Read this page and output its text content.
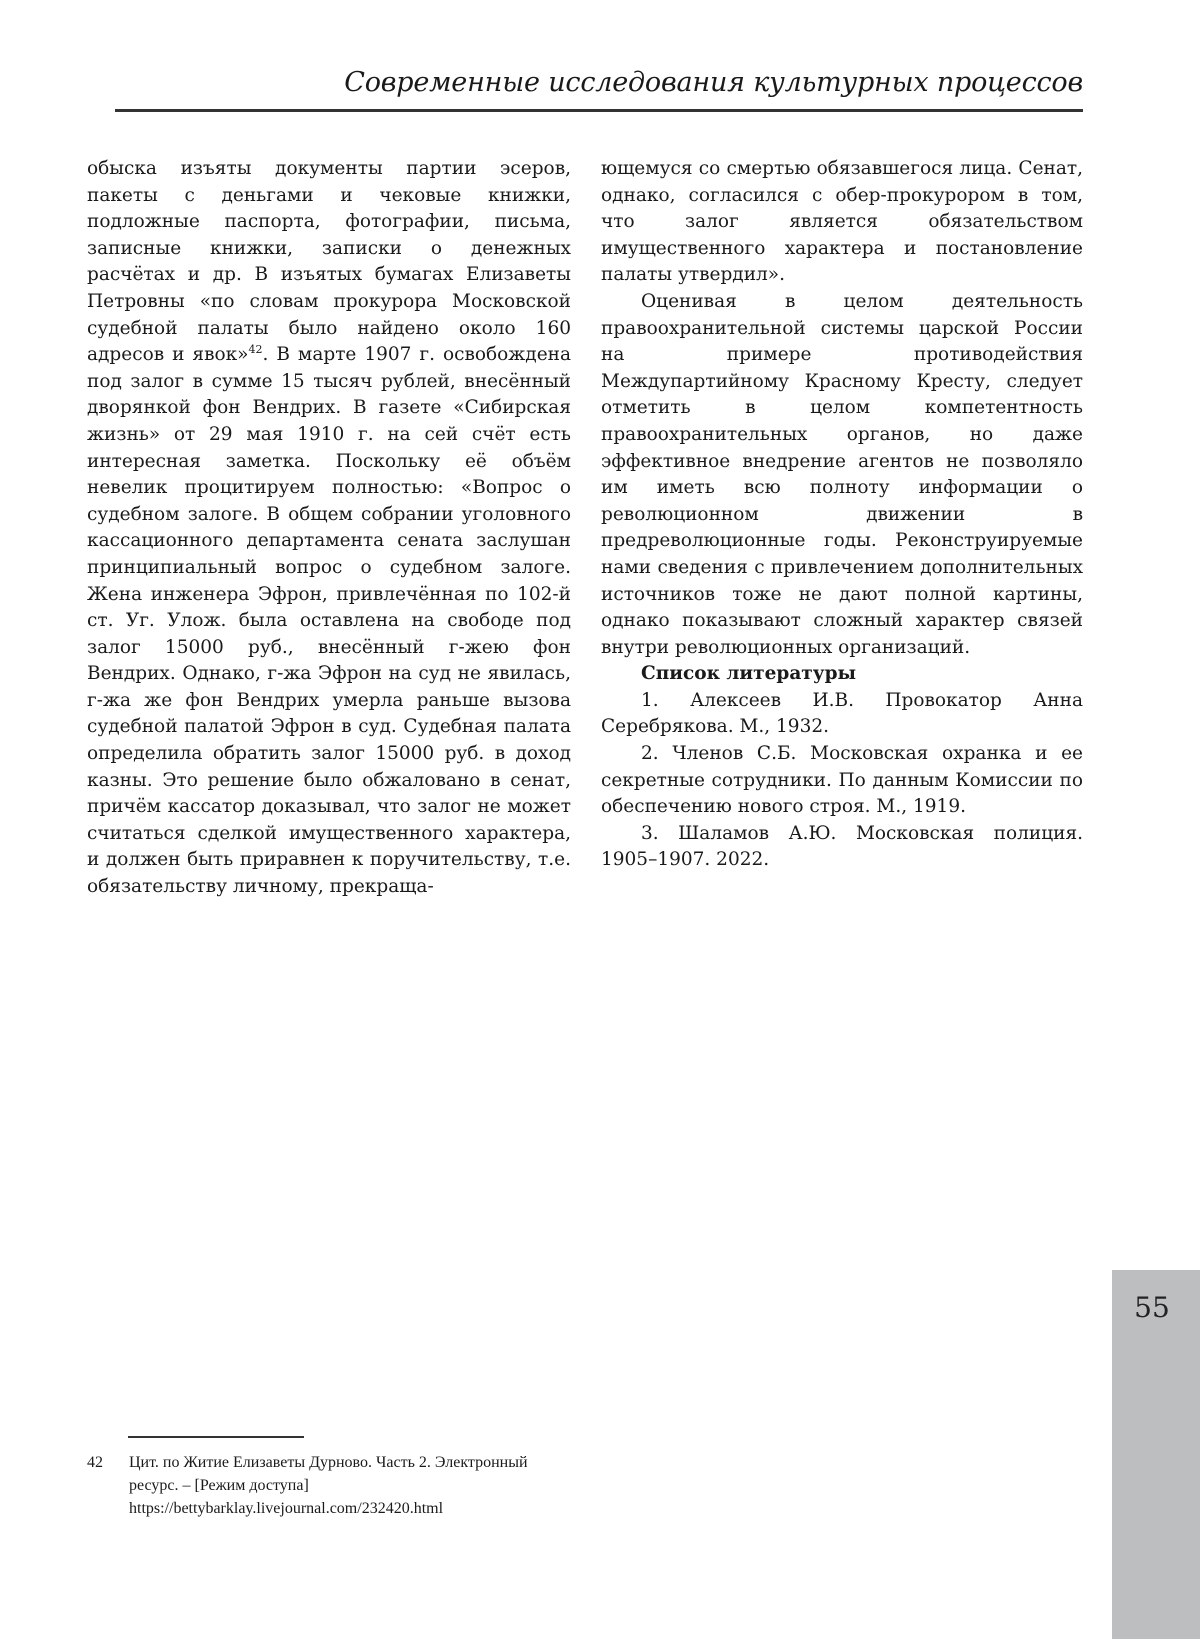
Современные исследования культурных процессов

обыска изъяты документы партии эсеров, пакеты с деньгами и чековые книжки, подложные паспорта, фотографии, письма, записные книжки, записки о денежных расчётах и др. В изъятых бумагах Елизаветы Петровны «по словам прокурора Московской судебной палаты было найдено около 160 адресов и явок»$^{42}$. В марте 1907 г. освобождена под залог в сумме 15 тысяч рублей, внесённый дворянкой фон Вендрих. В газете «Сибирская жизнь» от 29 мая 1910 г. на сей счёт есть интересная заметка. Поскольку её объём невелик процитируем полностью: «Вопрос о судебном залоге. В общем собрании уголовного кассационного департамента сената заслушан принципиальный вопрос о судебном залоге. Жена инженера Эфрон, привлечённая по 102-й ст. Уг. Улож. была оставлена на свободе под залог 15000 руб., внесённый г-жею фон Вендрих. Однако, г-жа Эфрон на суд не явилась, г-жа же фон Вендрих умерла раньше вызова судебной палатой Эфрон в суд. Судебная палата определила обратить залог 15000 руб. в доход казны. Это решение было обжаловано в сенат, причём кассатор доказывал, что залог не может считаться сделкой имущественного характера, и должен быть приравнен к поручительству, т.е. обязательству личному, прекраща-

ющемуся со смертью обязавшегося лица. Сенат, однако, согласился с обер-прокурором в том, что залог является обязательством имущественного характера и постановление палаты утвердил».

Оценивая в целом деятельность правоохранительной системы царской России на примере противодействия Междупартийному Красному Кресту, следует отметить в целом компетентность правоохранительных органов, но даже эффективное внедрение агентов не позволяло им иметь всю полноту информации о революционном движении в предреволюционные годы. Реконструируемые нами сведения с привлечением дополнительных источников тоже не дают полной картины, однако показывают сложный характер связей внутри революционных организаций.

Список литературы

1. Алексеев И.В. Провокатор Анна Серебрякова. М., 1932.

2. Членов С.Б. Московская охранка и ее секретные сотрудники. По данным Комиссии по обеспечению нового строя. М., 1919.

3. Шаламов А.Ю. Московская полиция. 1905–1907. 2022.

42 Цит. по Житие Елизаветы Дурново. Часть 2. Электронный ресурс. – [Режим доступа] https://bettybarklay.livejournal.com/232420.html
55
